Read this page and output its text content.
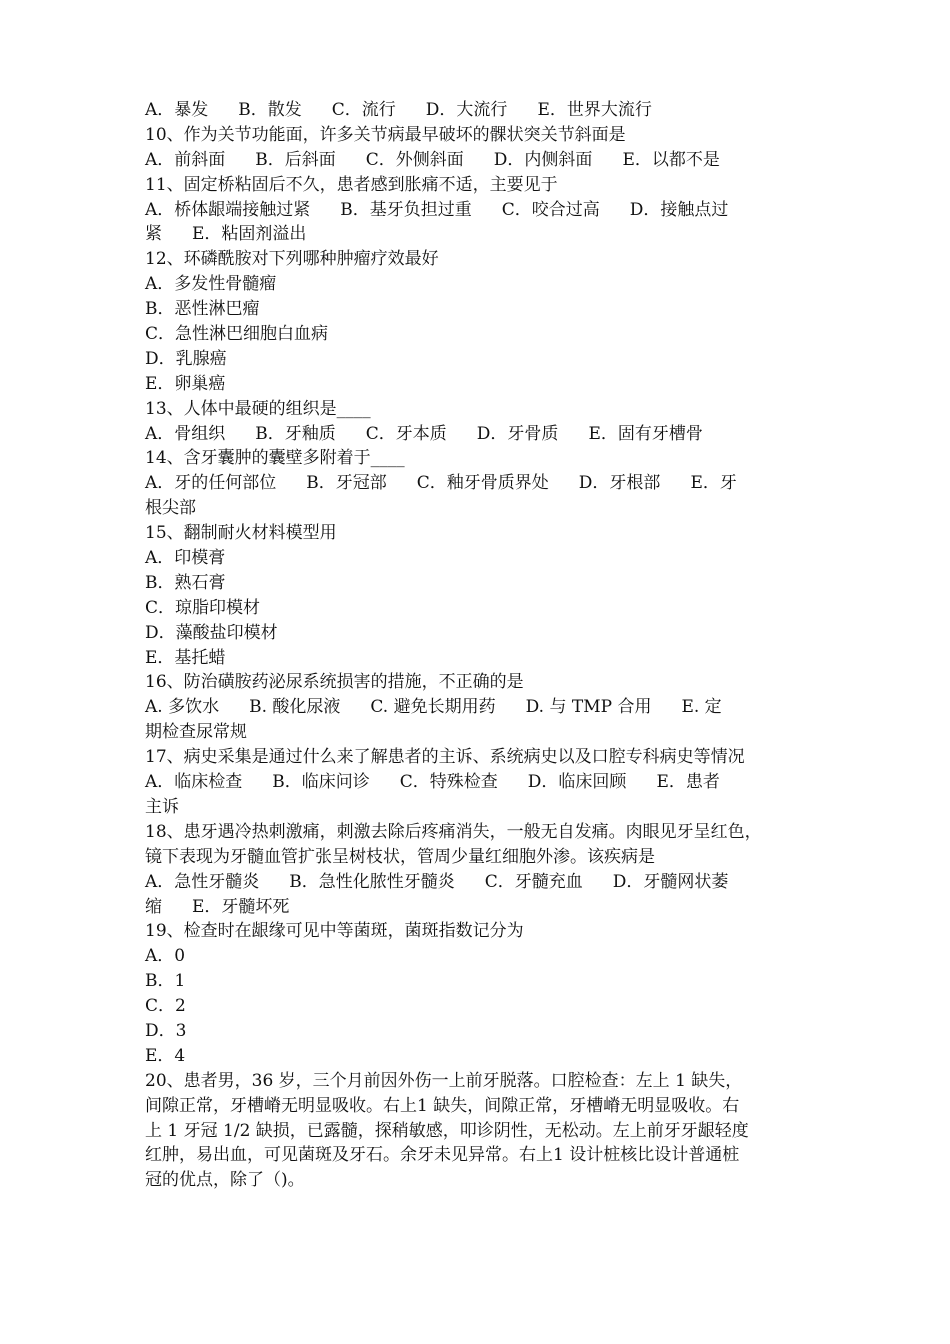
A．暴发 B．散发 C．流行 D．大流行 E．世界大流行
10、作为关节功能面，许多关节病最早破坏的髁状突关节斜面是
A．前斜面 B．后斜面 C．外侧斜面 D．内侧斜面 E．以都不是
11、固定桥粘固后不久，患者感到胀痛不适，主要见于
A．桥体龈端接触过紧 B．基牙负担过重 C．咬合过高 D．接触点过
紧 E．粘固剂溢出
12、环磷酰胺对下列哪种肿瘤疗效最好
A．多发性骨髓瘤
B．恶性淋巴瘤
C．急性淋巴细胞白血病
D．乳腺癌
E．卵巢癌
13、人体中最硬的组织是____
A．骨组织 B．牙釉质 C．牙本质 D．牙骨质 E．固有牙槽骨
14、含牙囊肿的囊壁多附着于____
A．牙的任何部位 B．牙冠部 C．釉牙骨质界处 D．牙根部 E．牙
根尖部
15、翻制耐火材料模型用
A．印模膏
B．熟石膏
C．琼脂印模材
D．藻酸盐印模材
E．基托蜡
16、防治磺胺药泌尿系统损害的措施，不正确的是
A. 多饮水 B. 酸化尿液 C. 避免长期用药 D. 与 TMP 合用 E. 定
期检查尿常规
17、病史采集是通过什么来了解患者的主诉、系统病史以及口腔专科病史等情况
A．临床检查 B．临床问诊 C．特殊检查 D．临床回顾 E．患者
主诉
18、患牙遇冷热刺激痛，刺激去除后疼痛消失，一般无自发痛。肉眼见牙呈红色，
镜下表现为牙髓血管扩张呈树枝状，管周少量红细胞外渗。该疾病是
A．急性牙髓炎 B．急性化脓性牙髓炎 C．牙髓充血 D．牙髓网状萎
缩 E．牙髓坏死
19、检查时在龈缘可见中等菌斑，菌斑指数记分为
A．0
B．1
C．2
D．3
E．4
20、患者男，36 岁，三个月前因外伤一上前牙脱落。口腔检查：左上 1 缺失，
间隙正常，牙槽嵴无明显吸收。右上1 缺失，间隙正常，牙槽嵴无明显吸收。右
上 1 牙冠 1/2 缺损，已露髓，探稍敏感，叩诊阴性，无松动。左上前牙牙龈轻度
红肿，易出血，可见菌斑及牙石。余牙未见异常。右上1 设计桩核比设计普通桩
冠的优点，除了（)。
